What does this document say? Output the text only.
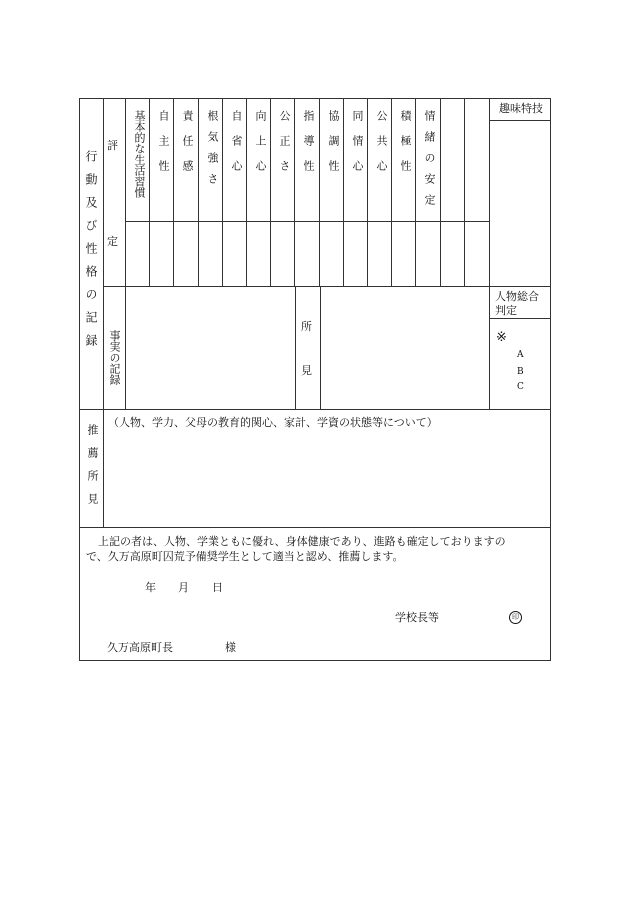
行動及び性格の記録
評
定
基本的な生活習慣 自主性 責任感 根気強さ 自省心 向上心 公正さ 指導性 協調性 同情心 公共心 積極性 情緒の安定
趣味特技
事実の記録
所
見
人物総合判定
※
A
B
C
推薦所見
（人物、学力、父母の教育的関心、家計、学資の状態等について）
上記の者は、人物、学業ともに優れ、身体健康であり、進路も確定しておりますの
で、久万高原町囚荒予備奨学生として適当と認め、推薦します。
年 月 日
学校長等	印
久万高原町長	様
